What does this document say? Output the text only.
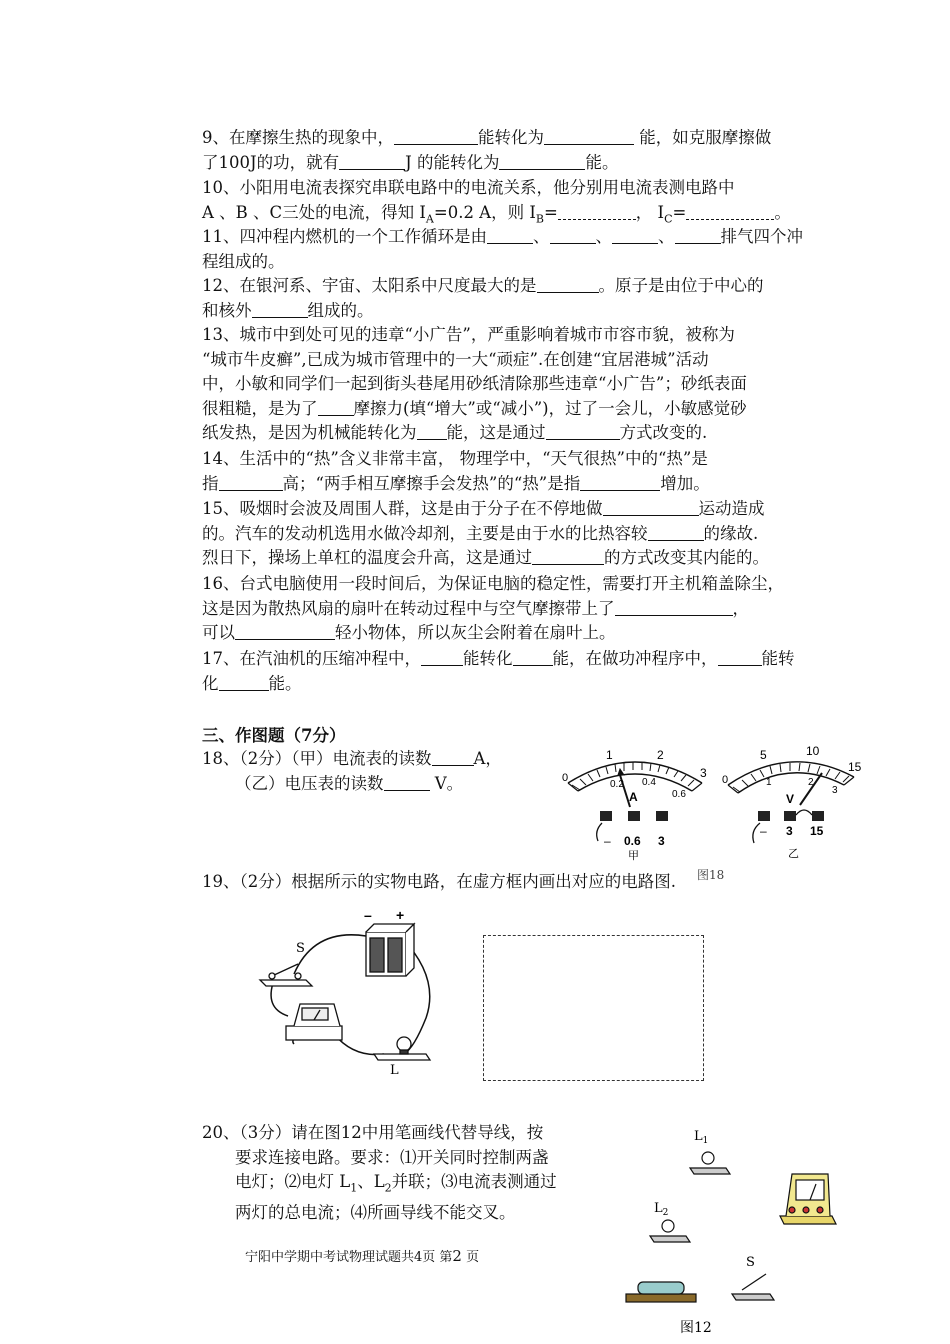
9、在摩擦生热的现象中，	能转化为	能，如克服摩擦做
了100J的功，就有	J 的能转化为	能。
10、小阳用电流表探究串联电路中的电流关系，他分别用电流表测电路中
A 、B 、C三处的电流，得知 $I_A=0.2$ A，则 $I_B=$	， $I_C=$	。
11、四冲程内燃机的一个工作循环是由	、	、	、	排气四个冲
程组成的。
12、在银河系、宇宙、太阳系中尺度最大的是	。原子是由位于中心的
和核外	组成的。
13、城市中到处可见的违章“小广告”，严重影响着城市市容市貌，被称为
“城市牛皮癣”,已成为城市管理中的一大“顽症”.在创建“宜居港城”活动
中，小敏和同学们一起到街头巷尾用砂纸清除那些违章“小广告”；砂纸表面
很粗糙，是为了 摩擦力(填“增大”或“减小”)，过了一会儿，小敏感觉砂
纸发热，是因为机械能转化为 能，这是通过	方式改变的.
14、生活中的“热”含义非常丰富， 物理学中，“天气很热”中的“热”是
指	高；“两手相互摩擦手会发热”的“热”是指	增加。
15、吸烟时会波及周围人群，这是由于分子在不停地做	运动造成
的。汽车的发动机选用水做冷却剂，主要是由于水的比热容较	的缘故.
烈日下，操场上单杠的温度会升高，这是通过	的方式改变其内能的。
16、台式电脑使用一段时间后，为保证电脑的稳定性，需要打开主机箱盖除尘，
这是因为散热风扇的扇叶在转动过程中与空气摩擦带上了	，
可以	轻小物体，所以灰尘会附着在扇叶上。
17、在汽油机的压缩冲程中，	能转化 能，在做功冲程序中，	能转
化	能。
三、作图题（7分）
18、（2分）（甲）电流表的读数	A，
（乙）电压表的读数	V。
1	2
3
0
0.2 0.4
0.6
A
– 0.6 3
甲
5	10
15
0	1	2
3
V
– 3 15
乙
19、（2分）根据所示的实物电路，在虚方框内画出对应的电路图.	图18
– +
S
L
20、（3分）请在图12中用笔画线代替导线，按
要求连接电路。要求：⑴开关同时控制两盏
电灯；⑵电灯 $L_1$、$L_2$并联；⑶电流表测通过
两灯的总电流；⑷所画导线不能交叉。
$L_1$
$L_2$
S
图12
宁阳中学期中考试物理试题共4页 第2 页
